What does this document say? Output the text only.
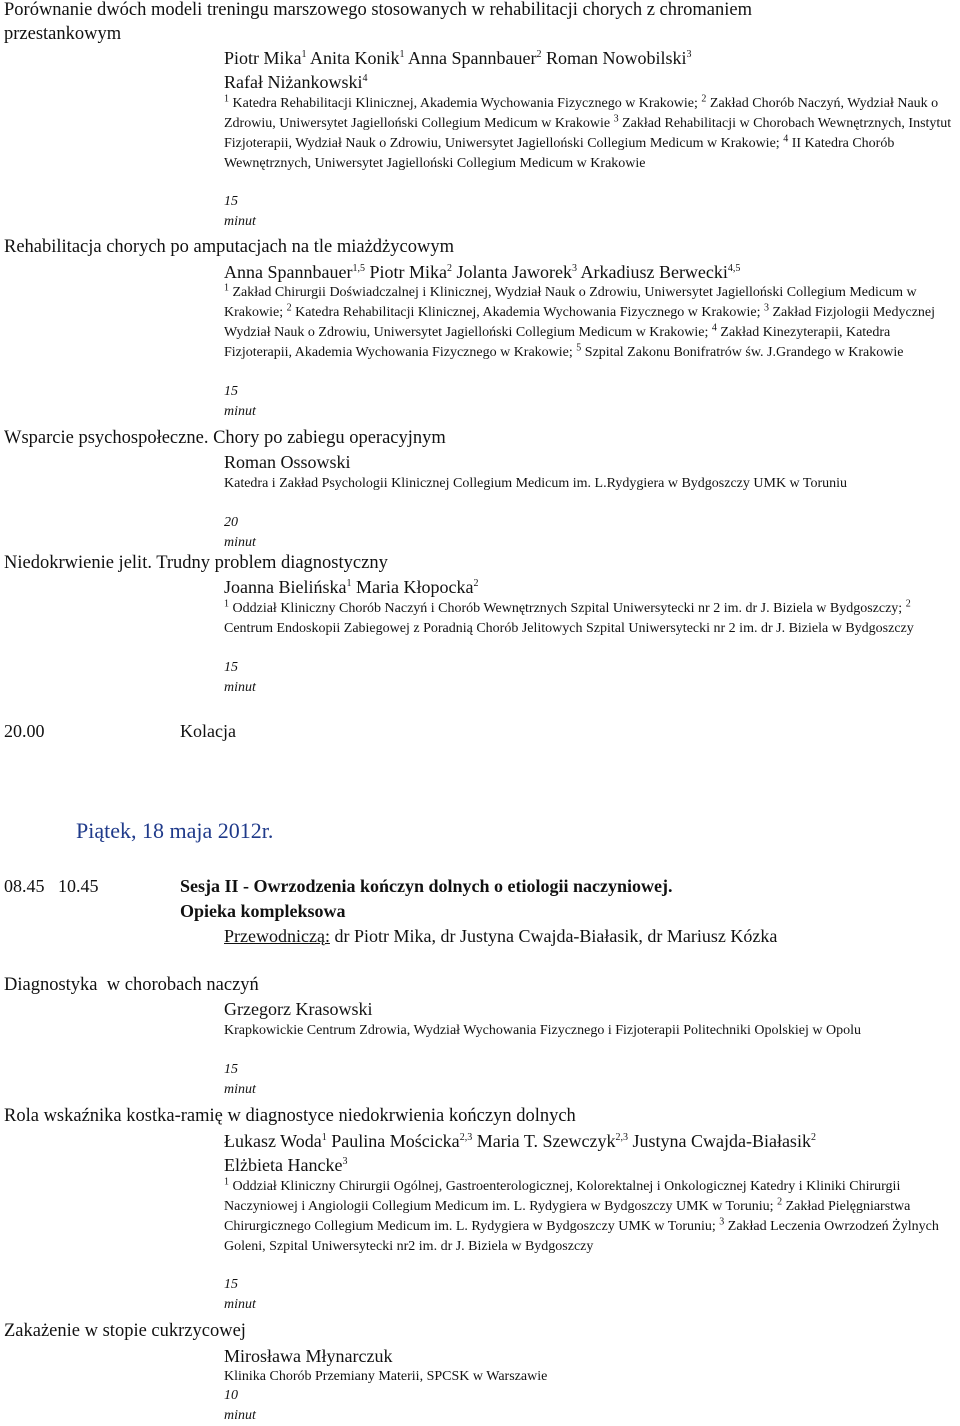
Porównanie dwóch modeli treningu marszowego stosowanych w rehabilitacji chorych z chromaniem
przestankowym
Piotr Mika$^1$ Anita Konik$^1$ Anna Spannbauer$^2$ Roman Nowobilski$^3$
Rafał Niżankowski$^4$
$^1$ Katedra Rehabilitacji Klinicznej, Akademia Wychowania Fizycznego w Krakowie; $^2$ Zakład Chorób Naczyń, Wydział Nauk o Zdrowiu, Uniwersytet Jagielloński Collegium Medicum w Krakowie $^3$ Zakład Rehabilitacji w Chorobach Wewnętrznych, Instytut Fizjoterapii, Wydział Nauk o Zdrowiu, Uniwersytet Jagielloński Collegium Medicum w Krakowie; $^4$ II Katedra Chorób Wewnętrznych, Uniwersytet Jagielloński Collegium Medicum w Krakowie
15 minut
Rehabilitacja chorych po amputacjach na tle miażdżycowym
Anna Spannbauer$^{1,5}$ Piotr Mika$^2$ Jolanta Jaworek$^3$ Arkadiusz Berwecki$^{4,5}$
$^1$ Zakład Chirurgii Doświadczalnej i Klinicznej, Wydział Nauk o Zdrowiu, Uniwersytet Jagielloński Collegium Medicum w Krakowie; $^2$ Katedra Rehabilitacji Klinicznej, Akademia Wychowania Fizycznego w Krakowie; $^3$ Zakład Fizjologii Medycznej Wydział Nauk o Zdrowiu, Uniwersytet Jagielloński Collegium Medicum w Krakowie; $^4$ Zakład Kinezyterapii, Katedra Fizjoterapii, Akademia Wychowania Fizycznego w Krakowie; $^5$ Szpital Zakonu Bonifratrów św. J.Grandego w Krakowie
15 minut
Wsparcie psychospołeczne. Chory po zabiegu operacyjnym
Roman Ossowski
Katedra i Zakład Psychologii Klinicznej Collegium Medicum im. L.Rydygiera w Bydgoszczy UMK w Toruniu
20 minut
Niedokrwienie jelit. Trudny problem diagnostyczny
Joanna Bielińska$^1$ Maria Kłopocka$^2$
$^1$ Oddział Kliniczny Chorób Naczyń i Chorób Wewnętrznych Szpital Uniwersytecki nr 2 im. dr J. Biziela w Bydgoszczy; $^2$ Centrum Endoskopii Zabiegowej z Poradnią Chorób Jelitowych Szpital Uniwersytecki nr 2 im. dr J. Biziela w Bydgoszczy
15 minut
20.00	Kolacja
Piątek, 18 maja 2012r.
08.45   10.45	Sesja II - Owrzodzenia kończyn dolnych o etiologii naczyniowej.
Opieka kompleksowa
Przewodniczą: dr Piotr Mika, dr Justyna Cwajda-Białasik, dr Mariusz Kózka
Diagnostyka  w chorobach naczyń
Grzegorz Krasowski
Krapkowickie Centrum Zdrowia, Wydział Wychowania Fizycznego i Fizjoterapii Politechniki Opolskiej w Opolu
15 minut
Rola wskaźnika kostka-ramię w diagnostyce niedokrwienia kończyn dolnych
Łukasz Woda$^1$ Paulina Mościcka$^{2,3}$ Maria T. Szewczyk$^{2,3}$ Justyna Cwajda-Białasik$^2$
Elżbieta Hancke$^3$
$^1$ Oddział Kliniczny Chirurgii Ogólnej, Gastroenterologicznej, Kolorektalnej i Onkologicznej Katedry i Kliniki Chirurgii Naczyniowej i Angiologii Collegium Medicum im. L. Rydygiera w Bydgoszczy UMK w Toruniu; $^2$ Zakład Pielęgniarstwa Chirurgicznego Collegium Medicum im. L. Rydygiera w Bydgoszczy UMK w Toruniu; $^3$ Zakład Leczenia Owrzodzeń Żylnych Goleni, Szpital Uniwersytecki nr2 im. dr J. Biziela w Bydgoszczy
15 minut
Zakażenie w stopie cukrzycowej
Mirosława Młynarczuk
Klinika Chorób Przemiany Materii, SPCSK w Warszawie
10 minut
